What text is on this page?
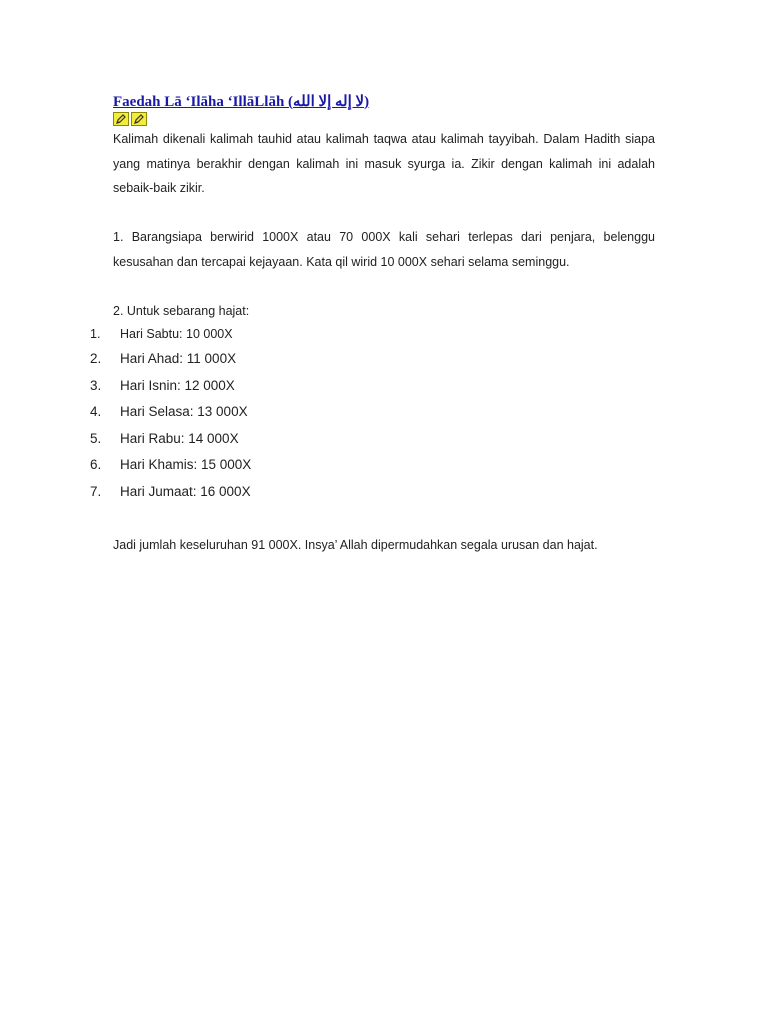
Faedah Lā ‘Ilāha ‘IllāLlāh (لا إله إلا الله)

Kalimah dikenali kalimah tauhid atau kalimah taqwa atau kalimah tayyibah. Dalam Hadith siapa yang matinya berakhir dengan kalimah ini masuk syurga ia. Zikir dengan kalimah ini adalah sebaik-baik zikir.

1. Barangsiapa berwirid 1000X atau 70 000X kali sehari terlepas dari penjara, belenggu kesusahan dan tercapai kejayaan. Kata qil wirid 10 000X sehari selama seminggu.

2. Untuk sebarang hajat:

1.	Hari Sabtu: 10 000X
2.	Hari Ahad: 11 000X
3.	Hari Isnin: 12 000X
4.	Hari Selasa: 13 000X
5.	Hari Rabu: 14 000X
6.	Hari Khamis: 15 000X
7.	Hari Jumaat: 16 000X

Jadi jumlah keseluruhan 91 000X. Insya’ Allah dipermudahkan segala urusan dan hajat.
